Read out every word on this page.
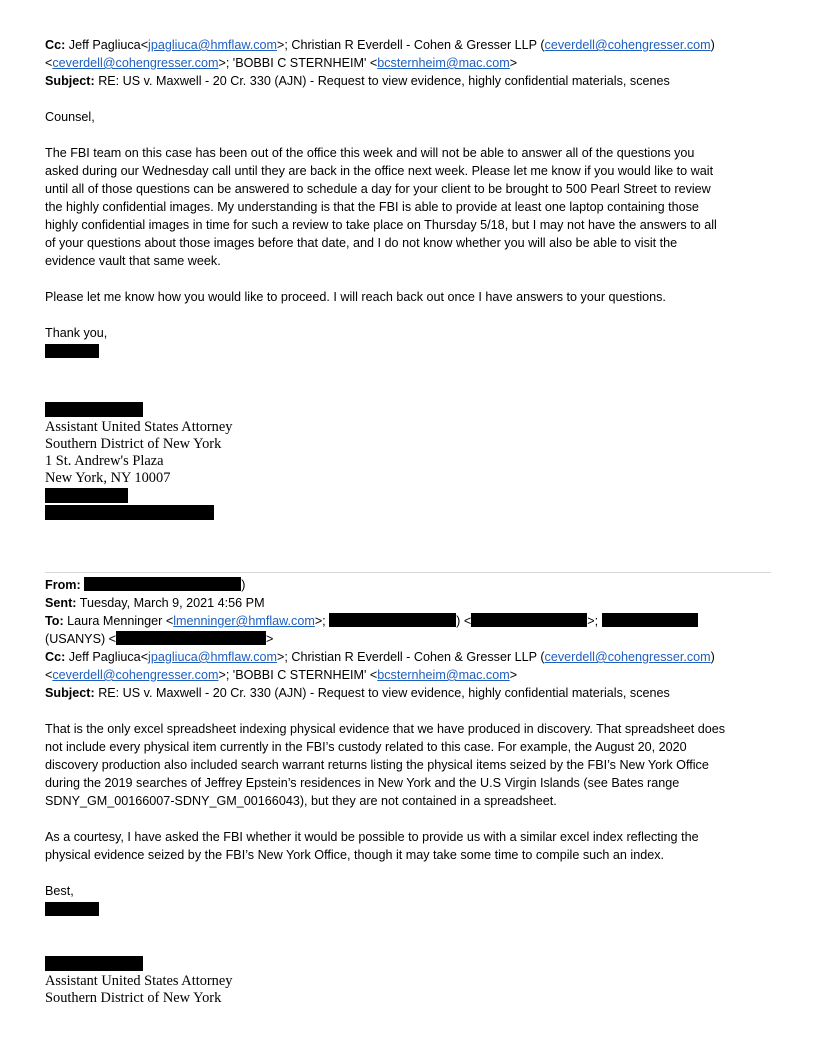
Cc: Jeff Pagliuca<jpagliuca@hmflaw.com>; Christian R Everdell - Cohen & Gresser LLP (ceverdell@cohengresser.com)
<ceverdell@cohengresser.com>; 'BOBBI C STERNHEIM' <bcsternheim@mac.com>
Subject: RE: US v. Maxwell - 20 Cr. 330 (AJN) - Request to view evidence, highly confidential materials, scenes
Counsel,
The FBI team on this case has been out of the office this week and will not be able to answer all of the questions you
asked during our Wednesday call until they are back in the office next week. Please let me know if you would like to wait
until all of those questions can be answered to schedule a day for your client to be brought to 500 Pearl Street to review
the highly confidential images. My understanding is that the FBI is able to provide at least one laptop containing those
highly confidential images in time for such a review to take place on Thursday 5/18, but I may not have the answers to all
of your questions about those images before that date, and I do not know whether you will also be able to visit the
evidence vault that same week.
Please let me know how you would like to proceed. I will reach back out once I have answers to your questions.
Thank you,
Assistant United States Attorney
Southern District of New York
1 St. Andrew's Plaza
New York, NY 10007
From:	)
Sent: Tuesday, March 9, 2021 4:56 PM
To: Laura Menninger <lmenninger@hmflaw.com>;	) <	>;
(USANYS) <	>
Cc: Jeff Pagliuca<jpagliuca@hmflaw.com>; Christian R Everdell - Cohen & Gresser LLP (ceverdell@cohengresser.com)
<ceverdell@cohengresser.com>; 'BOBBI C STERNHEIM' <bcsternheim@mac.com>
Subject: RE: US v. Maxwell - 20 Cr. 330 (AJN) - Request to view evidence, highly confidential materials, scenes
That is the only excel spreadsheet indexing physical evidence that we have produced in discovery. That spreadsheet does
not include every physical item currently in the FBI’s custody related to this case. For example, the August 20, 2020
discovery production also included search warrant returns listing the physical items seized by the FBI’s New York Office
during the 2019 searches of Jeffrey Epstein’s residences in New York and the U.S Virgin Islands (see Bates range
SDNY_GM_00166007-SDNY_GM_00166043), but they are not contained in a spreadsheet.
As a courtesy, I have asked the FBI whether it would be possible to provide us with a similar excel index reflecting the
physical evidence seized by the FBI’s New York Office, though it may take some time to compile such an index.
Best,
Assistant United States Attorney
Southern District of New York
